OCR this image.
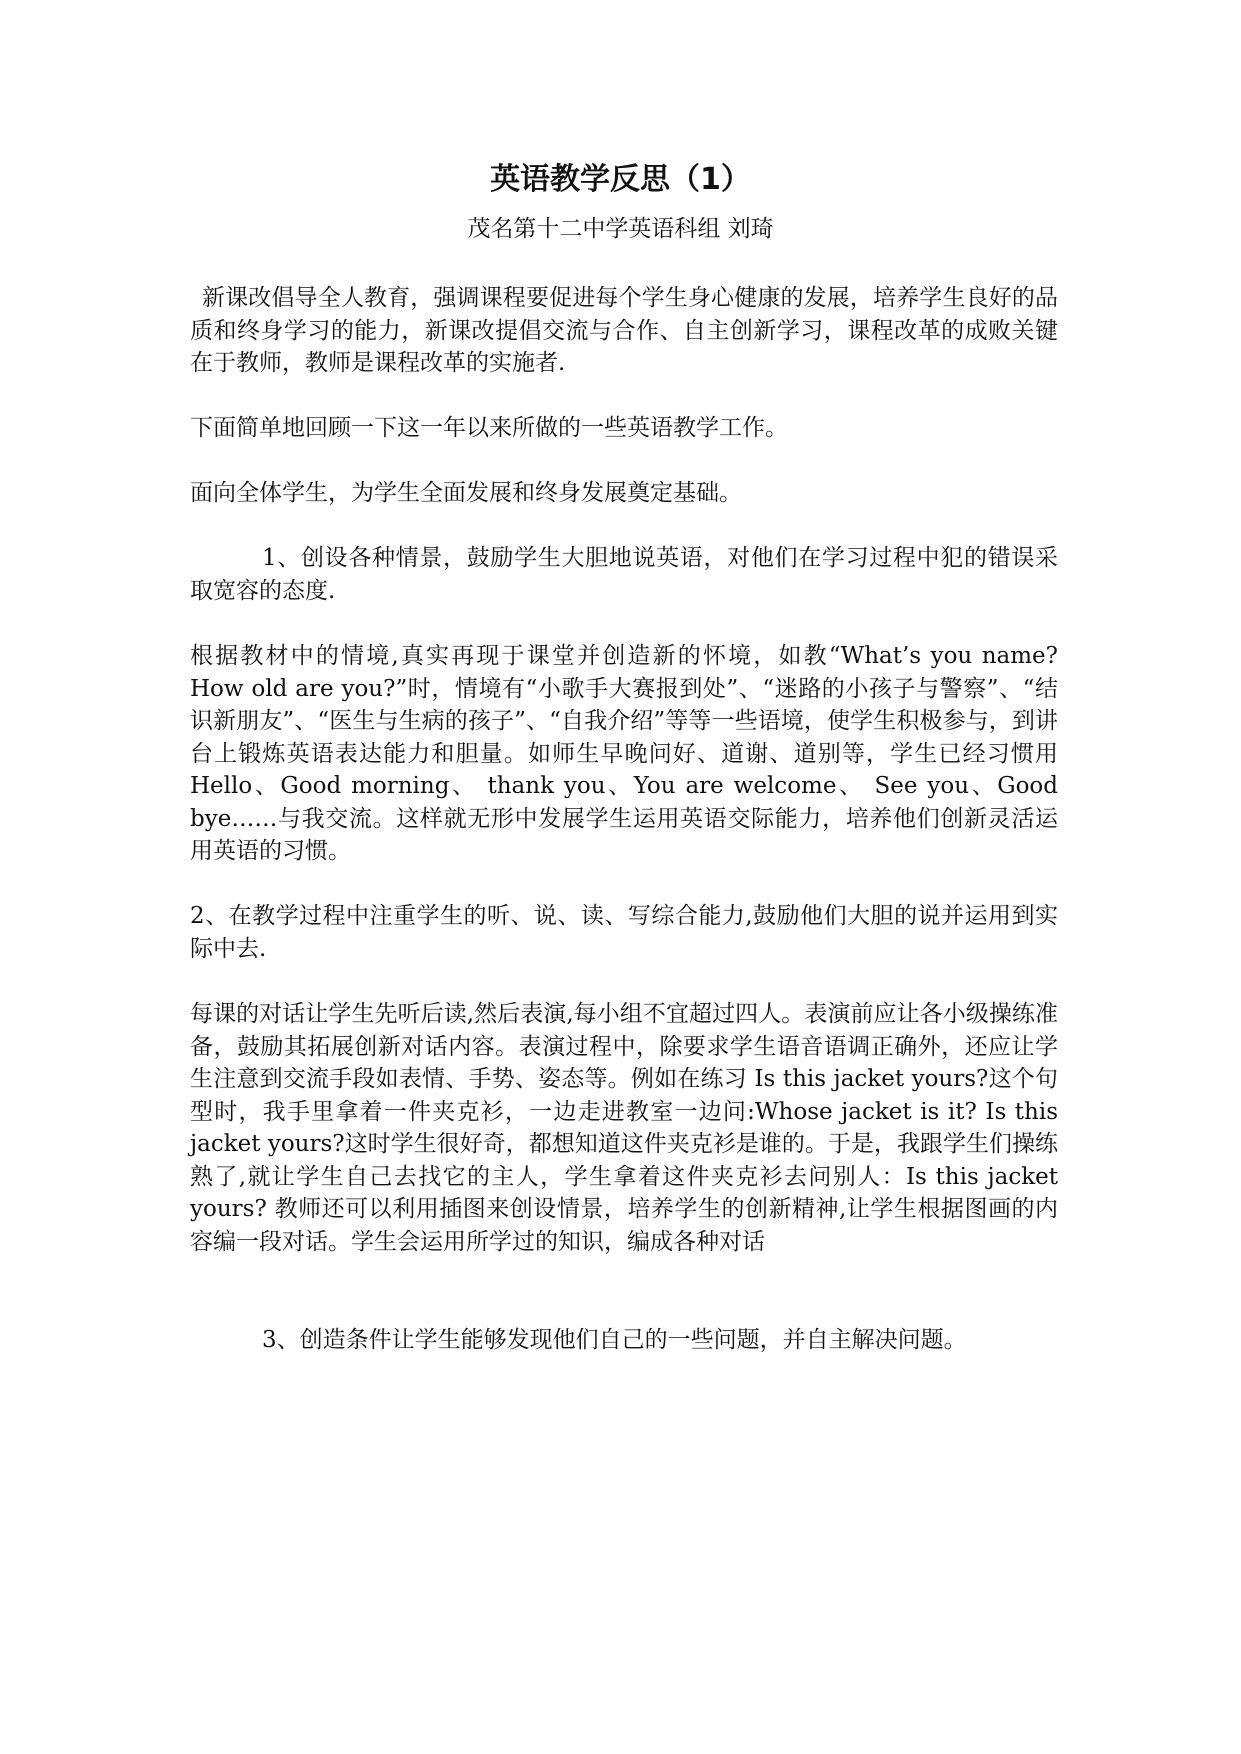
英语教学反思（1）
茂名第十二中学英语科组 刘琦

新课改倡导全人教育，强调课程要促进每个学生身心健康的发展，培养学生良好的品质和终身学习的能力，新课改提倡交流与合作、自主创新学习，课程改革的成败关键在于教师，教师是课程改革的实施者.

下面简单地回顾一下这一年以来所做的一些英语教学工作。

面向全体学生，为学生全面发展和终身发展奠定基础。

1、创设各种情景，鼓励学生大胆地说英语，对他们在学习过程中犯的错误采取宽容的态度.

根据教材中的情境,真实再现于课堂并创造新的怀境，如教“What’s you name? How old are you?”时，情境有“小歌手大赛报到处”、“迷路的小孩子与警察”、“结识新朋友”、“医生与生病的孩子”、“自我介绍”等等一些语境，使学生积极参与，到讲台上锻炼英语表达能力和胆量。如师生早晚问好、道谢、道别等，学生已经习惯用 Hello、Good morning、 thank you、You are welcome、 See you、Good bye……与我交流。这样就无形中发展学生运用英语交际能力，培养他们创新灵活运用英语的习惯。

2、在教学过程中注重学生的听、说、读、写综合能力,鼓励他们大胆的说并运用到实际中去.

每课的对话让学生先听后读,然后表演,每小组不宜超过四人。表演前应让各小级操练准备，鼓励其拓展创新对话内容。表演过程中，除要求学生语音语调正确外，还应让学生注意到交流手段如表情、手势、姿态等。例如在练习 Is this jacket yours?这个句型时，我手里拿着一件夹克衫，一边走进教室一边问:Whose jacket is it? Is this jacket yours?这时学生很好奇，都想知道这件夹克衫是谁的。于是，我跟学生们操练熟了,就让学生自己去找它的主人，学生拿着这件夹克衫去问别人：Is this jacket yours? 教师还可以利用插图来创设情景，培养学生的创新精神,让学生根据图画的内容编一段对话。学生会运用所学过的知识，编成各种对话

3、创造条件让学生能够发现他们自己的一些问题，并自主解决问题。
